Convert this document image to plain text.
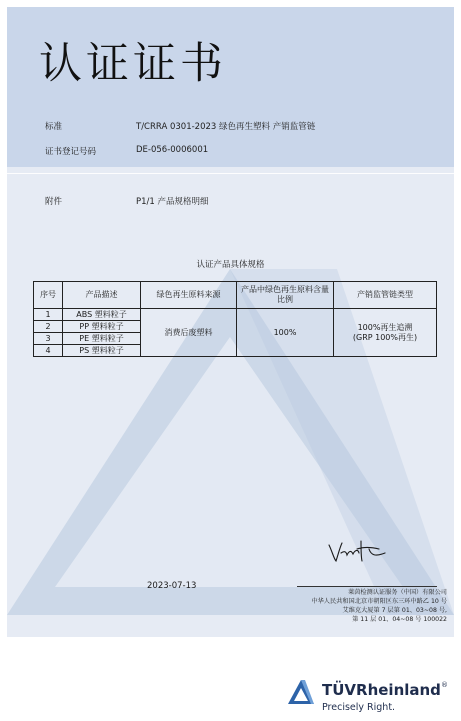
认证证书
标准	T/CRRA 0301-2023 绿色再生塑料 产销监管链
证书登记号码	DE-056-0006001
附件	P1/1 产品规格明细
认证产品具体规格
序号	产品描述	绿色再生原料来源	产品中绿色再生原料含量比例	产销监管链类型
1	ABS 塑料粒子	消费后废塑料	100%	100%再生追溯
(GRP 100%再生)

2	PP 塑料粒子			
3	PE 塑料粒子			
4	PS 塑料粒子			
2023-07-13
莱茵检测认证服务（中国）有限公司
中华人民共和国北京市朝阳区东三环中路乙 10 号
艾维克大厦第 7 层第 01、03~08 号,
第 11 层 01、04~08 号 100022
TÜVRheinland®
Precisely Right.
